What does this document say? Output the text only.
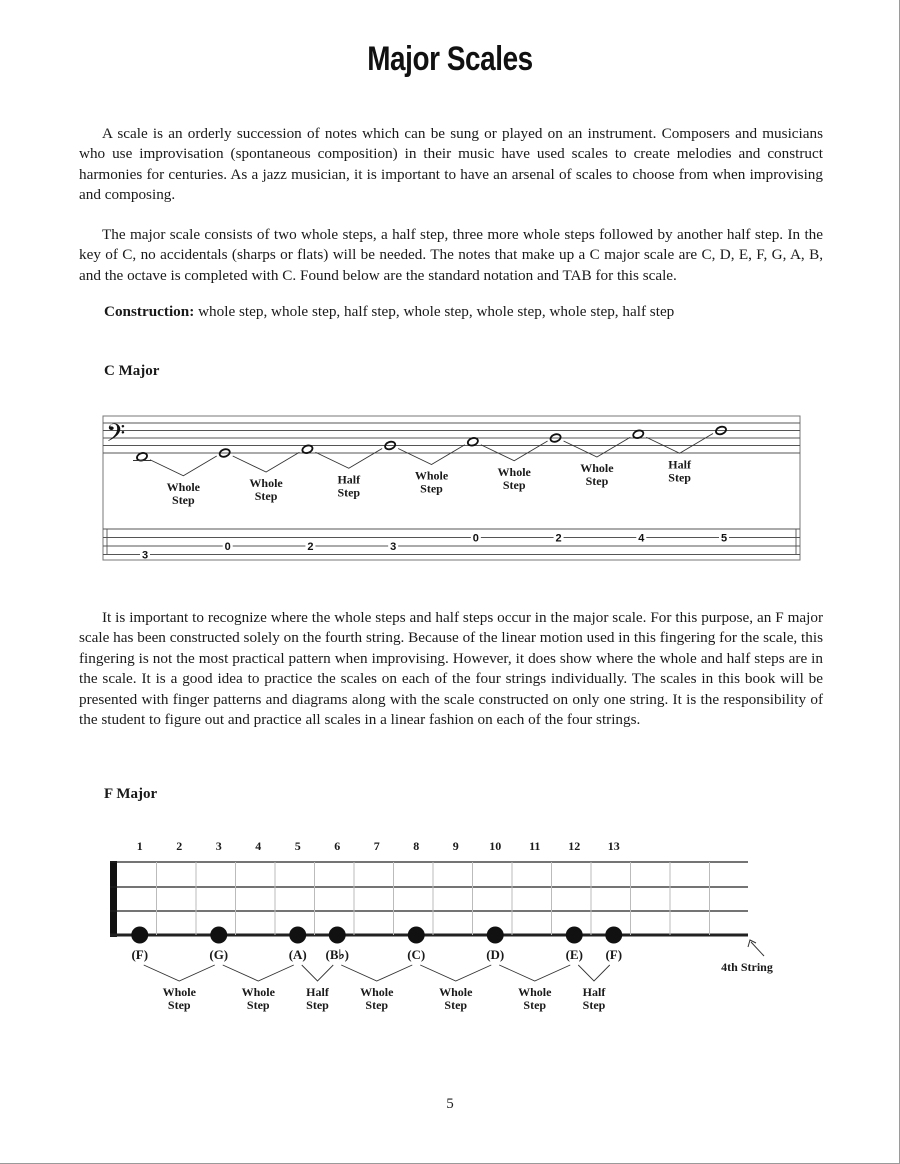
Major Scales

A scale is an orderly succession of notes which can be sung or played on an instrument. Composers and musicians who use improvisation (spontaneous composition) in their music have used scales to create melodies and construct harmonies for centuries. As a jazz musician, it is important to have an arsenal of scales to choose from when improvising and composing.

The major scale consists of two whole steps, a half step, three more whole steps followed by another half step. In the key of C, no accidentals (sharps or flats) will be needed. The notes that make up a C major scale are C, D, E, F, G, A, B, and the octave is completed with C. Found below are the standard notation and TAB for this scale.

Construction: whole step, whole step, half step, whole step, whole step, whole step, half step
C Major
𝄢
Whole Step
Whole Step
Half Step
Whole Step
Whole Step
Whole Step
Half Step
3
0	2	3
0	2	4	5

It is important to recognize where the whole steps and half steps occur in the major scale. For this purpose, an F major scale has been constructed solely on the fourth string. Because of the linear motion used in this fingering for the scale, this fingering is not the most practical pattern when improvising. However, it does show where the whole and half steps are in the scale. It is a good idea to practice the scales on each of the four strings individually. The scales in this book will be presented with finger patterns and diagrams along with the scale constructed on only one string. It is the responsibility of the student to figure out and practice all scales in a linear fashion on each of the four strings.

F Major
1	2	3	4	5	6	7	8	9	10 11 12 13
(F)	(G)	(A) (B♭)	(C)	(D)	(E) (F)
Whole Step
Whole Step
Half Step
Whole Step
Whole Step
Whole Step
Half Step
4th String
5
